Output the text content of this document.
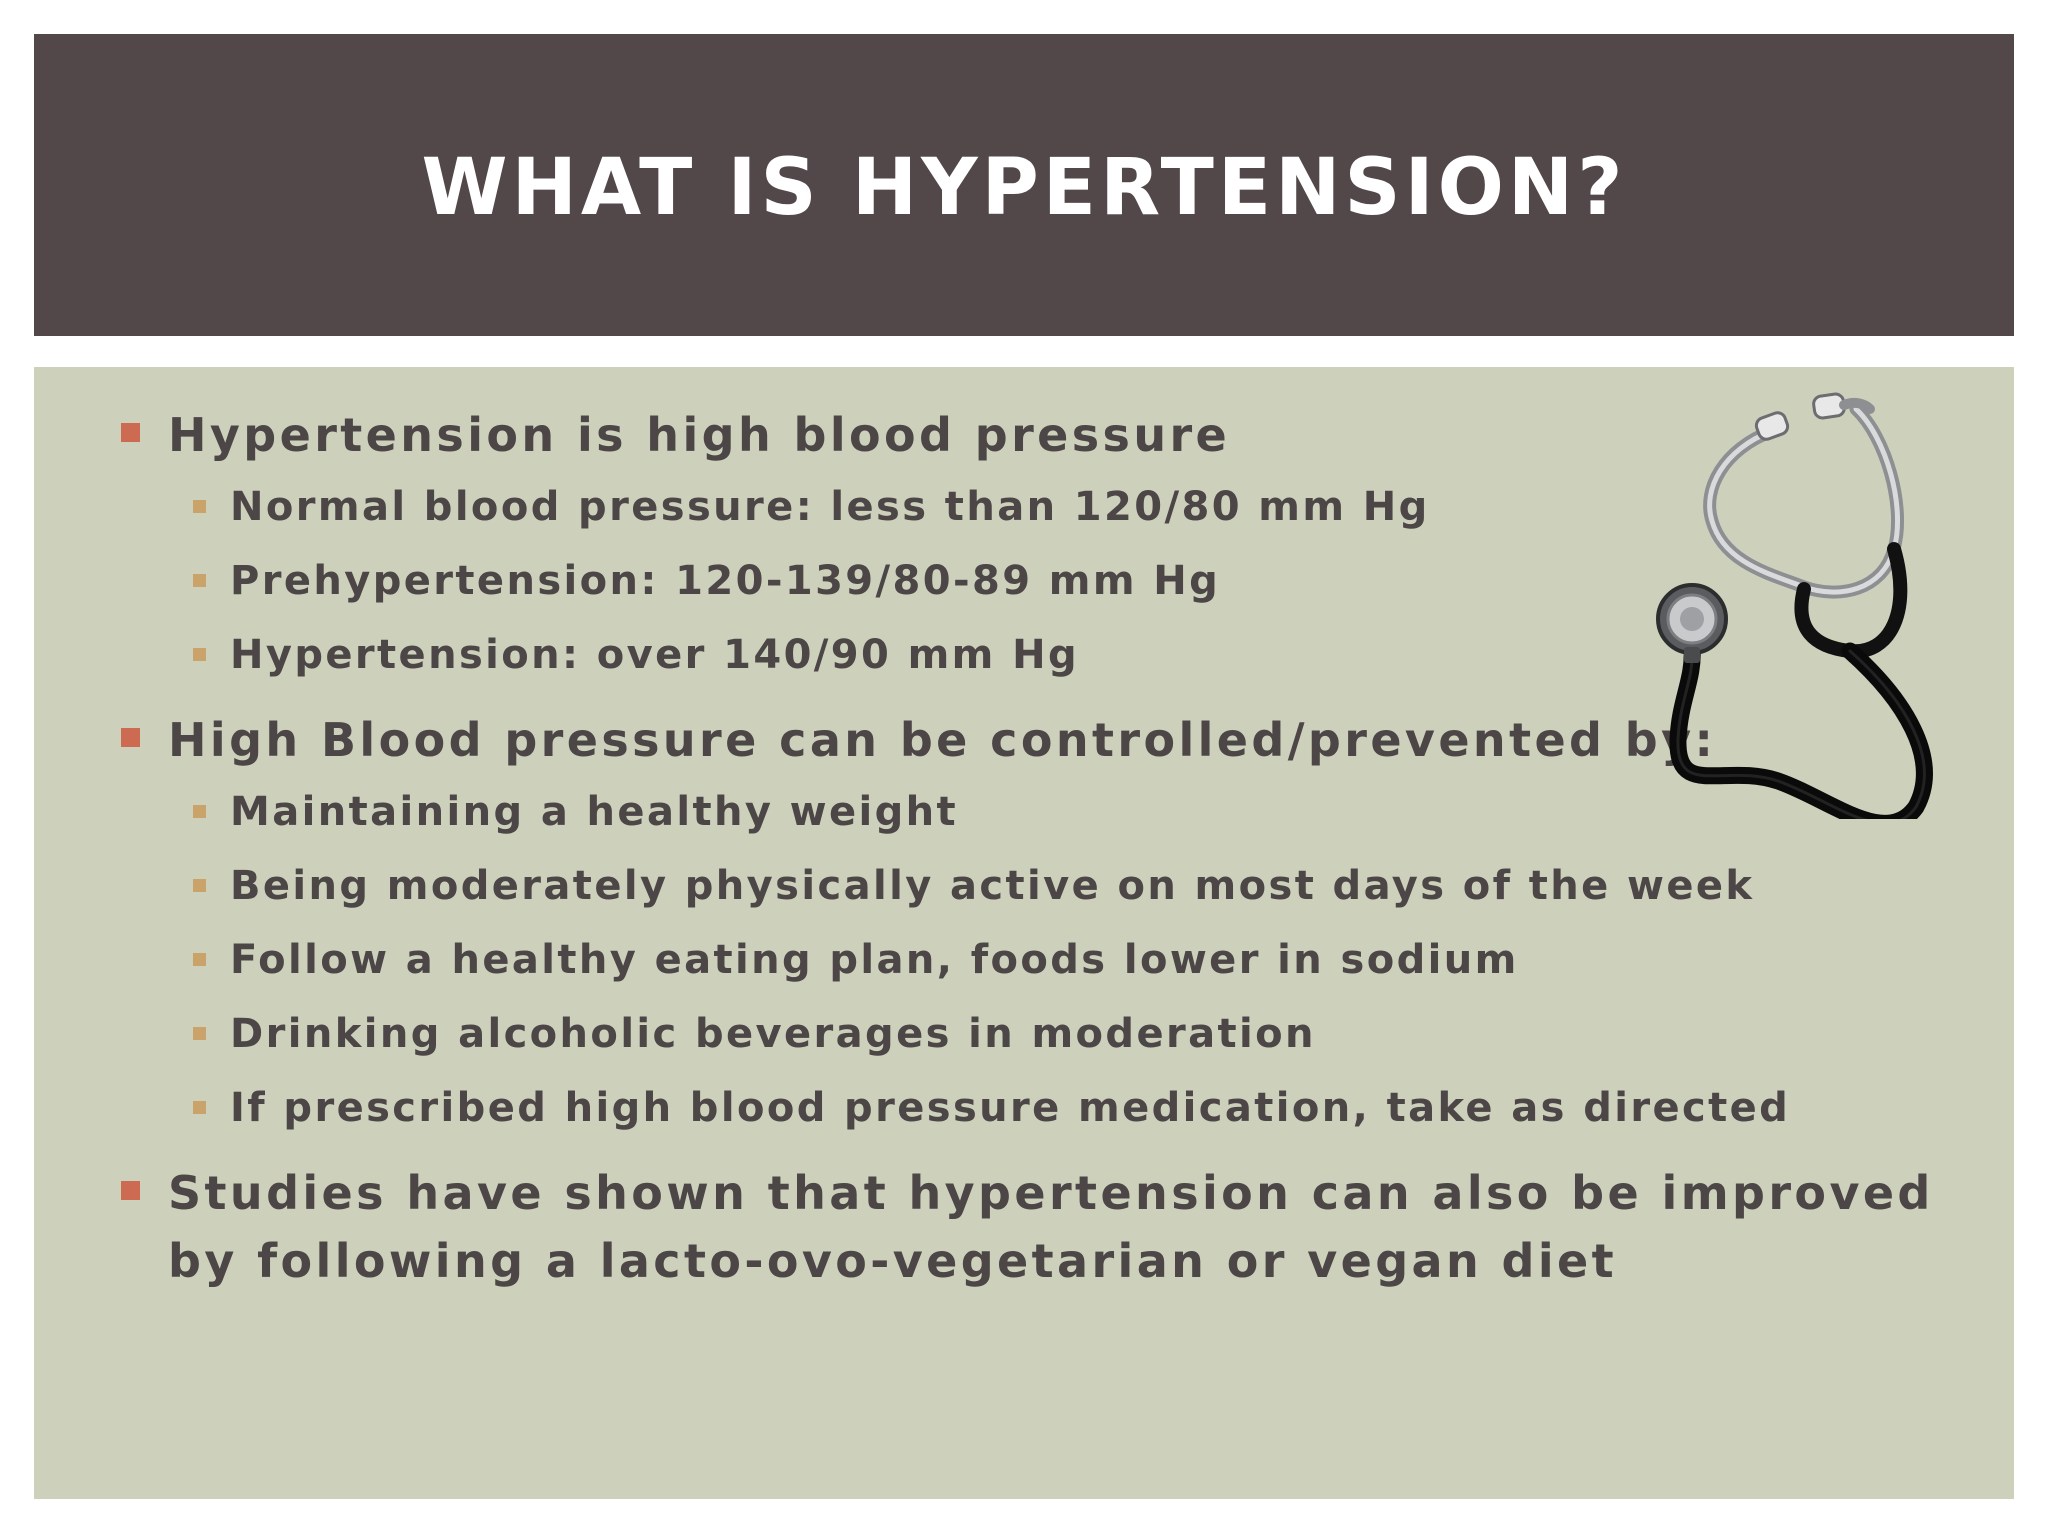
WHAT IS HYPERTENSION?
Hypertension is high blood pressure
Normal blood pressure: less than 120/80 mm Hg
Prehypertension: 120-139/80-89 mm Hg
Hypertension: over 140/90 mm Hg
High Blood pressure can be controlled/prevented by:
Maintaining a healthy weight
Being moderately physically active on most days of the week
Follow a healthy eating plan, foods lower in sodium
Drinking alcoholic beverages in moderation
If prescribed high blood pressure medication, take as directed
Studies have shown that hypertension can also be improved by following a lacto-ovo-vegetarian or vegan diet
